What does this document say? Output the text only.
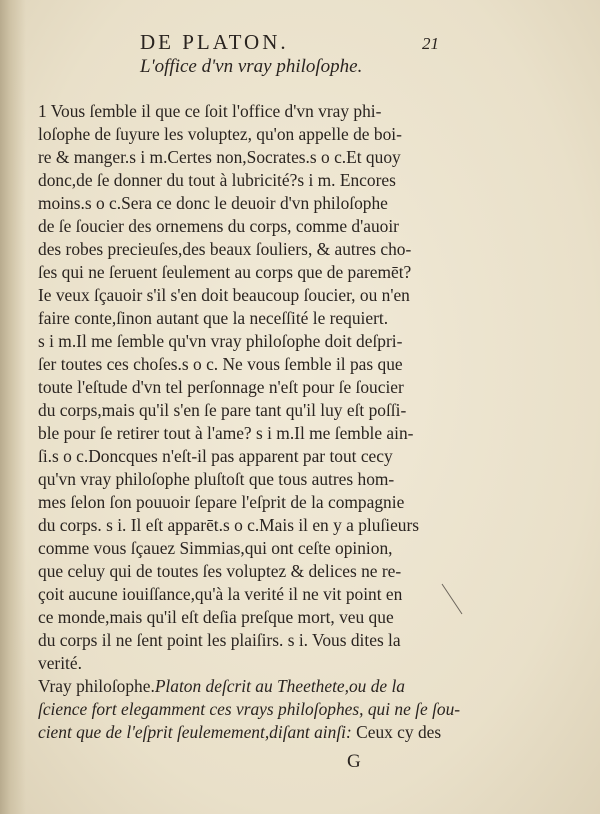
DE PLATON.	21
L'office d'vn vray philoſophe.
1 Vous ſemble il que ce ſoit l'office d'vn vray phi-
loſophe de ſuyure les voluptez, qu'on appelle de boi-
re & manger.s i m.Certes non,Socrates.s o c.Et quoy
donc,de ſe donner du tout à lubricité?s i m. Encores
moins.s o c.Sera ce donc le deuoir d'vn philoſophe
de ſe ſoucier des ornemens du corps, comme d'auoir
des robes precieuſes,des beaux ſouliers, & autres cho-
ſes qui ne ſeruent ſeulement au corps que de paremēt?
Ie veux ſçauoir s'il s'en doit beaucoup ſoucier, ou n'en
faire conte,ſinon autant que la neceſſité le requiert.
s i m.Il me ſemble qu'vn vray philoſophe doit deſpri-
ſer toutes ces choſes.s o c. Ne vous ſemble il pas que
toute l'eſtude d'vn tel perſonnage n'eſt pour ſe ſoucier
du corps,mais qu'il s'en ſe pare tant qu'il luy eſt poſſi-
ble pour ſe retirer tout à l'ame? s i m.Il me ſemble ain-
ſi.s o c.Doncques n'eſt-il pas apparent par tout cecy
qu'vn vray philoſophe pluſtoſt que tous autres hom-
mes ſelon ſon pouuoir ſepare l'eſprit de la compagnie
du corps. s i. Il eſt apparēt.s o c.Mais il en y a pluſieurs
comme vous ſçauez Simmias,qui ont ceſte opinion,
que celuy qui de toutes ſes voluptez & delices ne re-
çoit aucune iouiſſance,qu'à la verité il ne vit point en
ce monde,mais qu'il eſt deſia preſque mort, veu que
du corps il ne ſent point les plaiſirs. s i. Vous dites la
verité.
Vray philoſophe.Platon deſcrit au Theethete,ou de la
ſcience fort elegamment ces vrays philoſophes, qui ne ſe ſou-
cient que de l'eſprit ſeulemement,diſant ainſi: Ceux cy des
G
